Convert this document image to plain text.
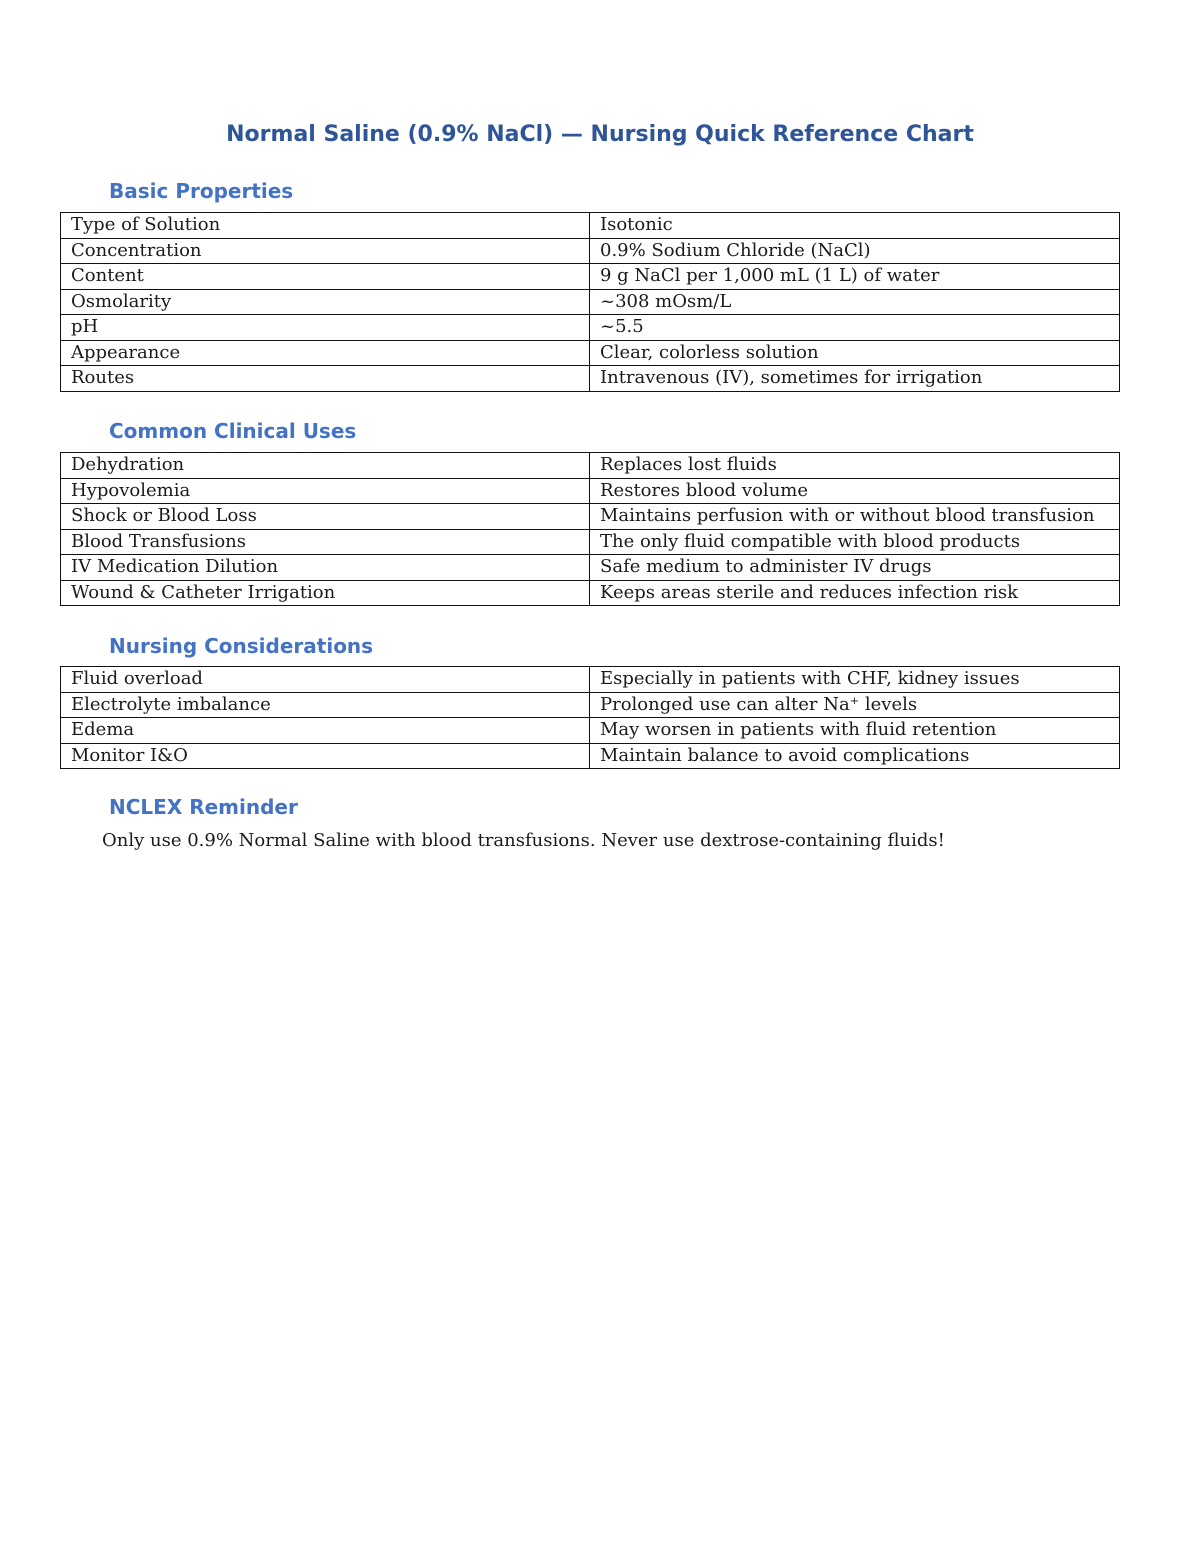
Normal Saline (0.9% NaCl) — Nursing Quick Reference Chart
Basic Properties
Type of Solution	Isotonic
Concentration	0.9% Sodium Chloride (NaCl)
Content	9 g NaCl per 1,000 mL (1 L) of water
Osmolarity	~308 mOsm/L
pH	~5.5
Appearance	Clear, colorless solution
Routes	Intravenous (IV), sometimes for irrigation
Common Clinical Uses
Dehydration	Replaces lost fluids
Hypovolemia	Restores blood volume
Shock or Blood Loss	Maintains perfusion with or without blood transfusion
Blood Transfusions	The only fluid compatible with blood products
IV Medication Dilution	Safe medium to administer IV drugs
Wound & Catheter Irrigation	Keeps areas sterile and reduces infection risk
Nursing Considerations
Fluid overload	Especially in patients with CHF, kidney issues
Electrolyte imbalance	Prolonged use can alter Na⁺ levels
Edema	May worsen in patients with fluid retention
Monitor I&O	Maintain balance to avoid complications
NCLEX Reminder

Only use 0.9% Normal Saline with blood transfusions. Never use dextrose-containing fluids!
